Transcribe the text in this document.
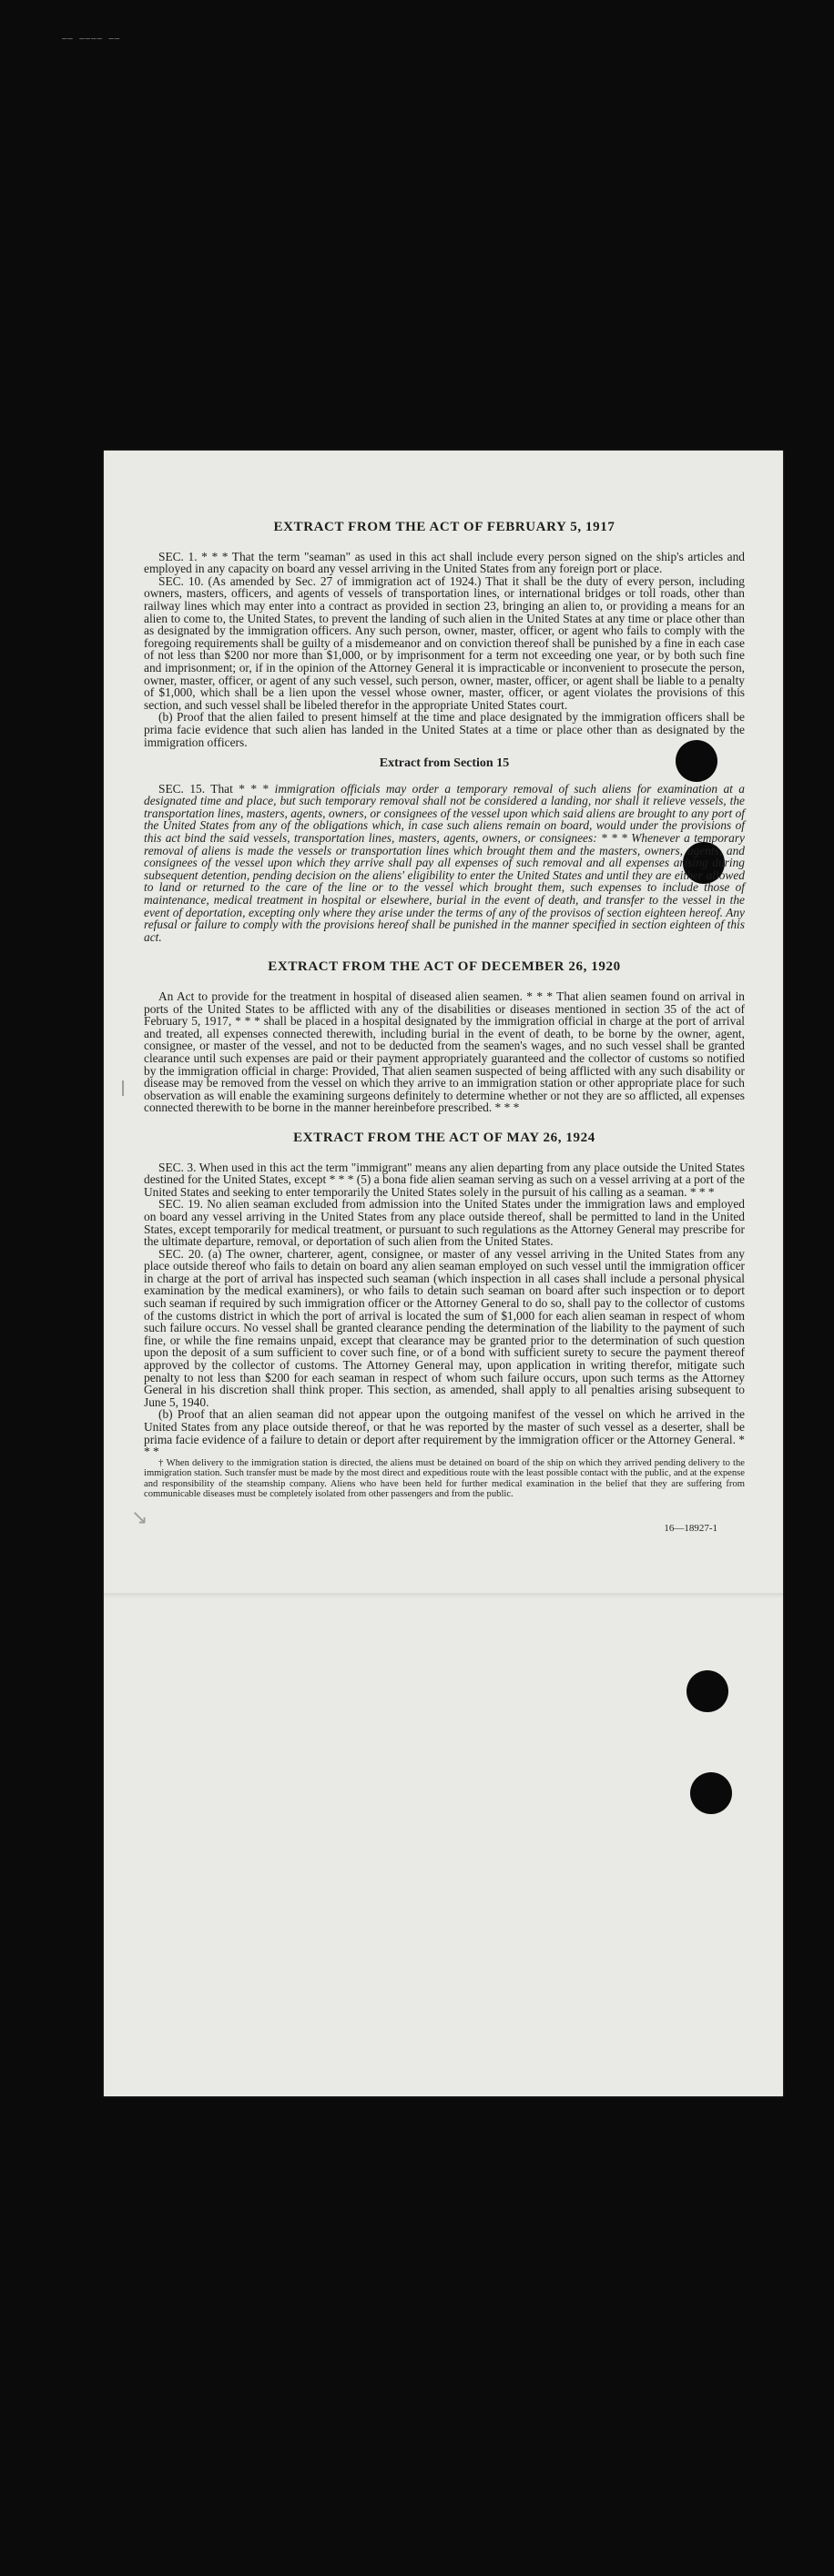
—— ———— ——
ⅼ
↘
EXTRACT FROM THE ACT OF FEBRUARY 5, 1917

SEC. 1. * * * That the term "seaman" as used in this act shall include every person signed on the ship's articles and employed in any capacity on board any vessel arriving in the United States from any foreign port or place.

SEC. 10. (As amended by Sec. 27 of immigration act of 1924.) That it shall be the duty of every person, including owners, masters, officers, and agents of vessels of transportation lines, or international bridges or toll roads, other than railway lines which may enter into a contract as provided in section 23, bringing an alien to, or providing a means for an alien to come to, the United States, to prevent the landing of such alien in the United States at any time or place other than as designated by the immigration officers. Any such person, owner, master, officer, or agent who fails to comply with the foregoing requirements shall be guilty of a misdemeanor and on conviction thereof shall be punished by a fine in each case of not less than $200 nor more than $1,000, or by imprisonment for a term not exceeding one year, or by both such fine and imprisonment; or, if in the opinion of the Attorney General it is impracticable or inconvenient to prosecute the person, owner, master, officer, or agent of any such vessel, such person, owner, master, officer, or agent shall be liable to a penalty of $1,000, which shall be a lien upon the vessel whose owner, master, officer, or agent violates the provisions of this section, and such vessel shall be libeled therefor in the appropriate United States court.

(b) Proof that the alien failed to present himself at the time and place designated by the immigration officers shall be prima facie evidence that such alien has landed in the United States at a time or place other than as designated by the immigration officers.

Extract from Section 15

SEC. 15. That * * * immigration officials may order a temporary removal of such aliens for examination at a designated time and place, but such temporary removal shall not be considered a landing, nor shall it relieve vessels, the transportation lines, masters, agents, owners, or consignees of the vessel upon which said aliens are brought to any port of the United States from any of the obligations which, in case such aliens remain on board, would under the provisions of this act bind the said vessels, transportation lines, masters, agents, owners, or consignees: * * * Whenever a temporary removal of aliens is made the vessels or transportation lines which brought them and the masters, owners, agents, and consignees of the vessel upon which they arrive shall pay all expenses of such removal and all expenses arising during subsequent detention, pending decision on the aliens' eligibility to enter the United States and until they are either allowed to land or returned to the care of the line or to the vessel which brought them, such expenses to include those of maintenance, medical treatment in hospital or elsewhere, burial in the event of death, and transfer to the vessel in the event of deportation, excepting only where they arise under the terms of any of the provisos of section eighteen hereof. Any refusal or failure to comply with the provisions hereof shall be punished in the manner specified in section eighteen of this act.

EXTRACT FROM THE ACT OF DECEMBER 26, 1920

An Act to provide for the treatment in hospital of diseased alien seamen. * * * That alien seamen found on arrival in ports of the United States to be afflicted with any of the disabilities or diseases mentioned in section 35 of the act of February 5, 1917, * * * shall be placed in a hospital designated by the immigration official in charge at the port of arrival and treated, all expenses connected therewith, including burial in the event of death, to be borne by the owner, agent, consignee, or master of the vessel, and not to be deducted from the seamen's wages, and no such vessel shall be granted clearance until such expenses are paid or their payment appropriately guaranteed and the collector of customs so notified by the immigration official in charge: Provided, That alien seamen suspected of being afflicted with any such disability or disease may be removed from the vessel on which they arrive to an immigration station or other appropriate place for such observation as will enable the examining surgeons definitely to determine whether or not they are so afflicted, all expenses connected therewith to be borne in the manner hereinbefore prescribed. * * *

EXTRACT FROM THE ACT OF MAY 26, 1924

SEC. 3. When used in this act the term "immigrant" means any alien departing from any place outside the United States destined for the United States, except * * * (5) a bona fide alien seaman serving as such on a vessel arriving at a port of the United States and seeking to enter temporarily the United States solely in the pursuit of his calling as a seaman. * * *

SEC. 19. No alien seaman excluded from admission into the United States under the immigration laws and employed on board any vessel arriving in the United States from any place outside thereof, shall be permitted to land in the United States, except temporarily for medical treatment, or pursuant to such regulations as the Attorney General may prescribe for the ultimate departure, removal, or deportation of such alien from the United States.

SEC. 20. (a) The owner, charterer, agent, consignee, or master of any vessel arriving in the United States from any place outside thereof who fails to detain on board any alien seaman employed on such vessel until the immigration officer in charge at the port of arrival has inspected such seaman (which inspection in all cases shall include a personal physical examination by the medical examiners), or who fails to detain such seaman on board after such inspection or to deport such seaman if required by such immigration officer or the Attorney General to do so, shall pay to the collector of customs of the customs district in which the port of arrival is located the sum of $1,000 for each alien seaman in respect of whom such failure occurs. No vessel shall be granted clearance pending the determination of the liability to the payment of such fine, or while the fine remains unpaid, except that clearance may be granted prior to the determination of such question upon the deposit of a sum sufficient to cover such fine, or of a bond with sufficient surety to secure the payment thereof approved by the collector of customs. The Attorney General may, upon application in writing therefor, mitigate such penalty to not less than $200 for each seaman in respect of whom such failure occurs, upon such terms as the Attorney General in his discretion shall think proper. This section, as amended, shall apply to all penalties arising subsequent to June 5, 1940.

(b) Proof that an alien seaman did not appear upon the outgoing manifest of the vessel on which he arrived in the United States from any place outside thereof, or that he was reported by the master of such vessel as a deserter, shall be prima facie evidence of a failure to detain or deport after requirement by the immigration officer or the Attorney General. * * *

† When delivery to the immigration station is directed, the aliens must be detained on board of the ship on which they arrived pending delivery to the immigration station. Such transfer must be made by the most direct and expeditious route with the least possible contact with the public, and at the expense and responsibility of the steamship company. Aliens who have been held for further medical examination in the belief that they are suffering from communicable diseases must be completely isolated from other passengers and from the public.

16—18927-1
